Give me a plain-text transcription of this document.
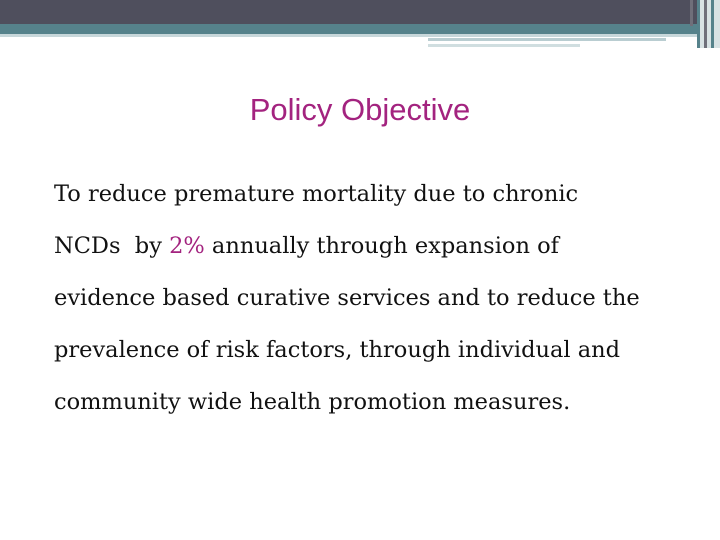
Policy Objective
To reduce premature mortality due to chronic
NCDs  by 2% annually through expansion of
evidence based curative services and to reduce the
prevalence of risk factors, through individual and
community wide health promotion measures.
